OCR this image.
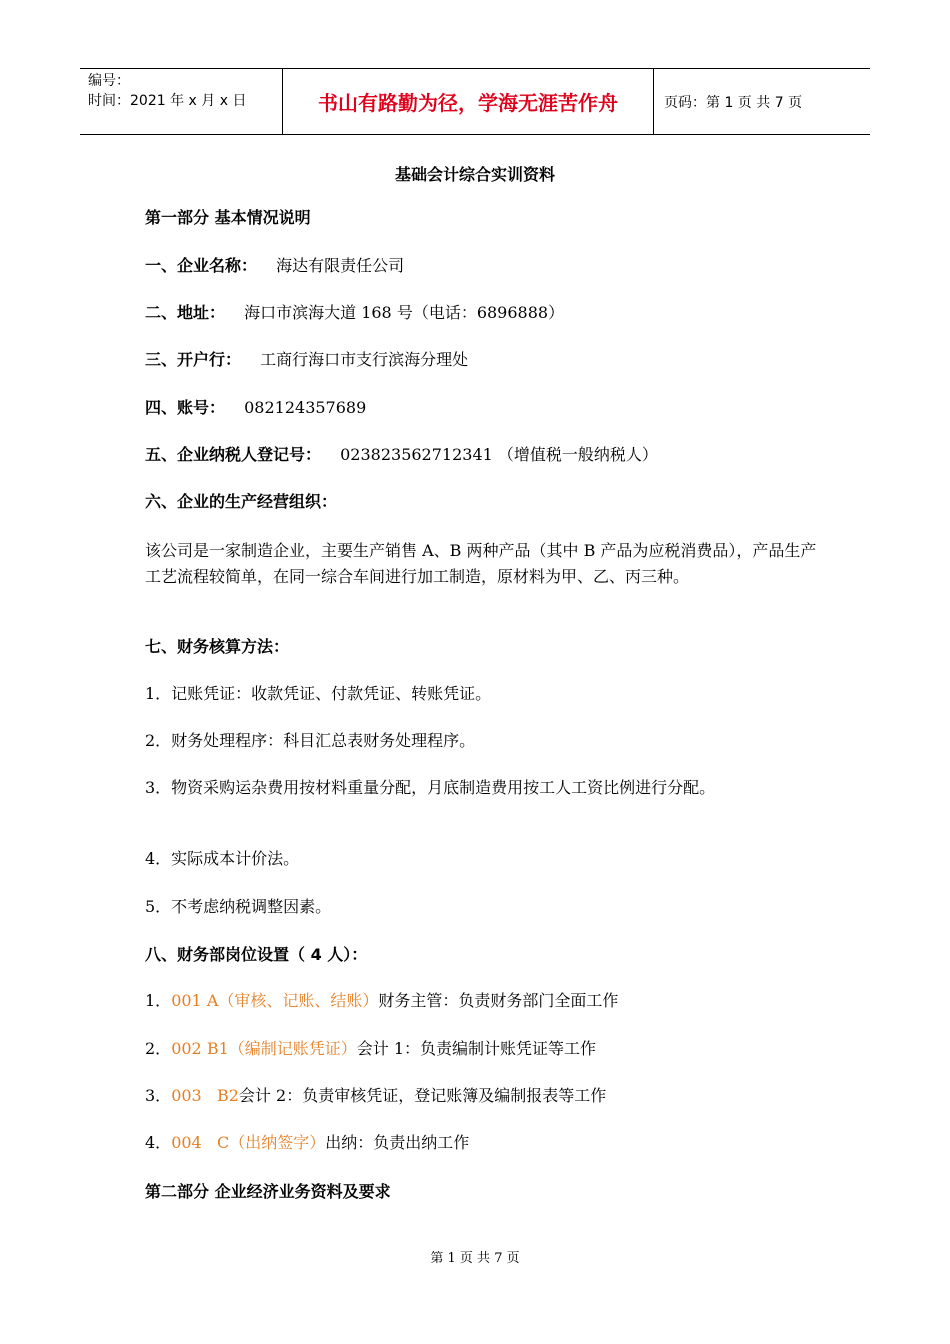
编号：
时间：2021 年 x 月 x 日	书山有路勤为径，学海无涯苦作舟	页码：第 1 页 共 7 页
基础会计综合实训资料
第一部分 基本情况说明
一、企业名称： 海达有限责任公司
二、地址： 海口市滨海大道 168 号（电话：6896888）
三、开户行： 工商行海口市支行滨海分理处
四、账号： 082124357689
五、企业纳税人登记号： 023823562712341 （增值税一般纳税人）
六、企业的生产经营组织：
该公司是一家制造企业，主要生产销售 A、B 两种产品（其中 B 产品为应税消费品），产品生产工艺流程较简单，在同一综合车间进行加工制造，原材料为甲、乙、丙三种。
七、财务核算方法：
1．记账凭证：收款凭证、付款凭证、转账凭证。
2．财务处理程序：科目汇总表财务处理程序。
3．物资采购运杂费用按材料重量分配，月底制造费用按工人工资比例进行分配。
4．实际成本计价法。
5．不考虑纳税调整因素。
八、财务部岗位设置（ 4 人）：
1．001 A（审核、记账、结账）财务主管：负责财务部门全面工作
2．002 B1（编制记账凭证）会计 1：负责编制计账凭证等工作
3．003   B2会计 2：负责审核凭证，登记账簿及编制报表等工作
4．004   C（出纳签字）出纳：负责出纳工作
第二部分 企业经济业务资料及要求
第 1 页 共 7 页
